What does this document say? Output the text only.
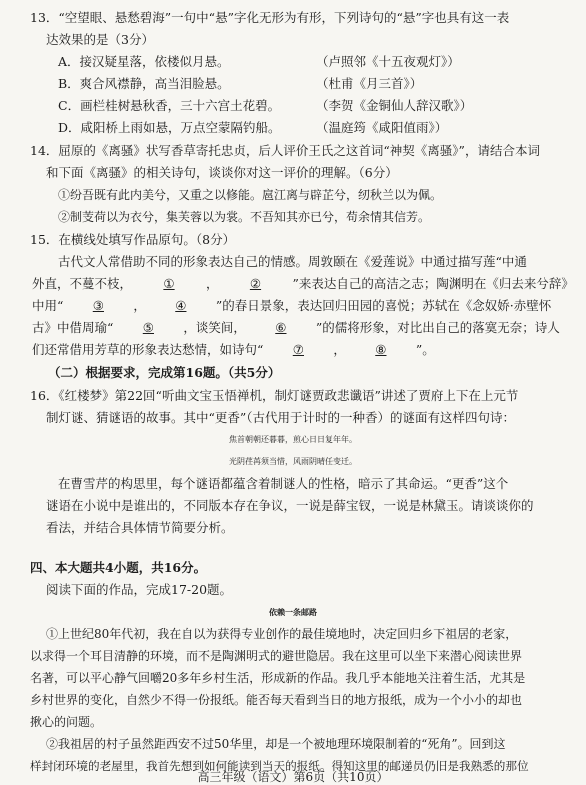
13．“空望眼、悬愁碧海”一句中“悬”字化无形为有形，下列诗句的“悬”字也具有这一表
达效果的是（3分）
A．接汉疑星落，依楼似月悬。	（卢照邻《十五夜观灯》）
B．爽合风襟静，高当泪脸悬。	（杜甫《月三首》）
C．画栏桂树悬秋香，三十六宫土花碧。	（李贺《金铜仙人辞汉歌》）
D．咸阳桥上雨如悬，万点空蒙隔钓船。	（温庭筠《咸阳值雨》）
14．屈原的《离骚》状写香草寄托忠贞，后人评价王氏之这首词“神契《离骚》”，请结合本词
和下面《离骚》的相关诗句，谈谈你对这一评价的理解。（6分）
①纷吾既有此内美兮，又重之以修能。扈江离与辟芷兮，纫秋兰以为佩。
②制芰荷以为衣兮，集芙蓉以为裳。不吾知其亦已兮，苟余情其信芳。
15．在横线处填写作品原句。（8分）
古代文人常借助不同的形象表达自己的情感。周敦颐在《爱莲说》中通过描写莲“中通
外直，不蔓不枝，	①	，	②	”来表达自己的高洁之志；陶渊明在《归去来兮辞》
中用“ ③ ， ④ ”的春日景象，表达回归田园的喜悦；苏轼在《念奴娇·赤壁怀
古》中借周瑜“ ⑤ ，谈笑间， ⑥ ”的儒将形象，对比出自己的落寞无奈；诗人
们还常借用芳草的形象表达愁情，如诗句“ ⑦ ， ⑧ ”。
（二）根据要求，完成第16题。（共5分）
16．《红楼梦》第22回“听曲文宝玉悟禅机，制灯谜贾政悲谶语”讲述了贾府上下在上元节
制灯谜、猜谜语的故事。其中“更香”（古代用于计时的一种香）的谜面有这样四句诗：
焦首朝朝还暮暮，煎心日日复年年。
光阴荏苒须当惜，风雨阴晴任变迁。
在曹雪芹的构思里，每个谜语都蕴含着制谜人的性格，暗示了其命运。“更香”这个
谜语在小说中是谁出的，不同版本存在争议，一说是薛宝钗，一说是林黛玉。请谈谈你的
看法，并结合具体情节简要分析。
四、本大题共4小题，共16分。
阅读下面的作品，完成17-20题。
依赖一条邮路
①上世纪80年代初，我在自以为获得专业创作的最佳境地时，决定回归乡下祖居的老家，
以求得一个耳目清静的环境，而不是陶渊明式的避世隐居。我在这里可以坐下来潜心阅读世界
名著，可以平心静气回嚼20多年乡村生活，形成新的作品。我几乎本能地关注着生活，尤其是
乡村世界的变化，自然少不得一份报纸。能否每天看到当日的地方报纸，成为一个小小的却也
揪心的问题。
②我祖居的村子虽然距西安不过50华里，却是一个被地理环境限制着的“死角”。回到这
样封闭环境的老屋里，我首先想到如何能读到当天的报纸。得知这里的邮递员仍旧是我熟悉的那位
高三年级（语文）第6页（共10页）
